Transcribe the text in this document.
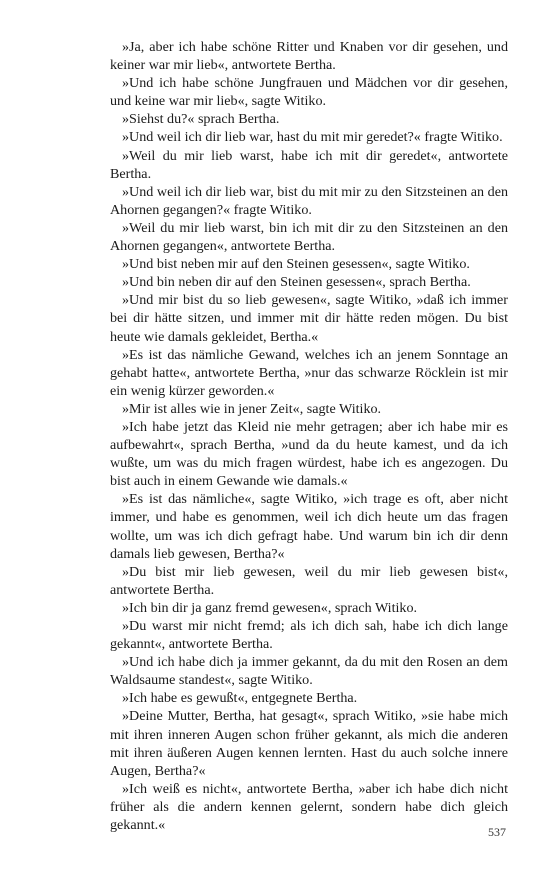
»Ja, aber ich habe schöne Ritter und Knaben vor dir gesehen, und keiner war mir lieb«, antwortete Bertha.

»Und ich habe schöne Jungfrauen und Mädchen vor dir gesehen, und keine war mir lieb«, sagte Witiko.

»Siehst du?« sprach Bertha.

»Und weil ich dir lieb war, hast du mit mir geredet?« fragte Witiko.

»Weil du mir lieb warst, habe ich mit dir geredet«, antwortete Bertha.

»Und weil ich dir lieb war, bist du mit mir zu den Sitzsteinen an den Ahornen gegangen?« fragte Witiko.

»Weil du mir lieb warst, bin ich mit dir zu den Sitzsteinen an den Ahornen gegangen«, antwortete Bertha.

»Und bist neben mir auf den Steinen gesessen«, sagte Witiko.

»Und bin neben dir auf den Steinen gesessen«, sprach Bertha.

»Und mir bist du so lieb gewesen«, sagte Witiko, »daß ich immer bei dir hätte sitzen, und immer mit dir hätte reden mögen. Du bist heute wie damals gekleidet, Bertha.«

»Es ist das nämliche Gewand, welches ich an jenem Sonntage an gehabt hatte«, antwortete Bertha, »nur das schwarze Röcklein ist mir ein wenig kürzer geworden.«

»Mir ist alles wie in jener Zeit«, sagte Witiko.

»Ich habe jetzt das Kleid nie mehr getragen; aber ich habe mir es aufbewahrt«, sprach Bertha, »und da du heute kamest, und da ich wußte, um was du mich fragen würdest, habe ich es angezogen. Du bist auch in einem Gewande wie damals.«

»Es ist das nämliche«, sagte Witiko, »ich trage es oft, aber nicht immer, und habe es genommen, weil ich dich heute um das fragen wollte, um was ich dich gefragt habe. Und warum bin ich dir denn damals lieb gewesen, Bertha?«

»Du bist mir lieb gewesen, weil du mir lieb gewesen bist«, antwortete Bertha.

»Ich bin dir ja ganz fremd gewesen«, sprach Witiko.

»Du warst mir nicht fremd; als ich dich sah, habe ich dich lange gekannt«, antwortete Bertha.

»Und ich habe dich ja immer gekannt, da du mit den Rosen an dem Waldsaume standest«, sagte Witiko.

»Ich habe es gewußt«, entgegnete Bertha.

»Deine Mutter, Bertha, hat gesagt«, sprach Witiko, »sie habe mich mit ihren inneren Augen schon früher gekannt, als mich die anderen mit ihren äußeren Augen kennen lernten. Hast du auch solche innere Augen, Bertha?«

»Ich weiß es nicht«, antwortete Bertha, »aber ich habe dich nicht früher als die andern kennen gelernt, sondern habe dich gleich gekannt.«	537
